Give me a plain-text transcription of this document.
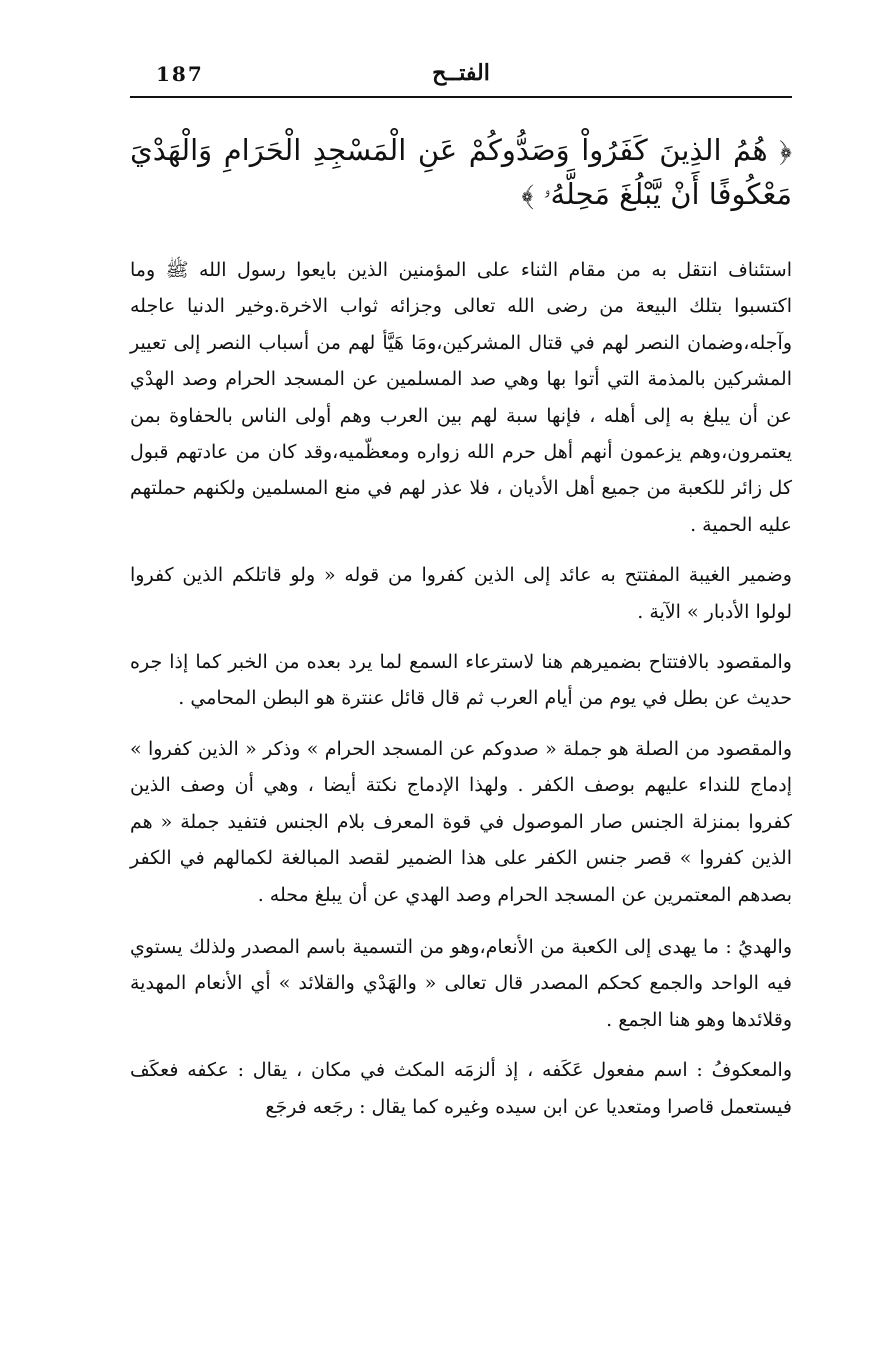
الفتــح
187
﴿ هُمُ الذِينَ كَفَرُواْ وَصَدُّوكُمْ عَنِ الْمَسْجِدِ الْحَرَامِ وَالْهَدْيَ مَعْكُوفًا أَنْ يَّبْلُغَ مَحِلَّهُۥ ﴾

استئناف انتقل به من مقام الثناء على المؤمنين الذين بايعوا رسول الله ﷺ وما اكتسبوا بتلك البيعة من رضى الله تعالى وجزائه ثواب الاخرة.وخير الدنيا عاجله وآجله،وضمان النصر لهم في قتال المشركين،ومَا هَيَّأ لهم من أسباب النصر إلى تعيير المشركين بالمذمة التي أتوا بها وهي صد المسلمين عن المسجد الحرام وصد الهدْي عن أن يبلغ به إلى أهله ، فإنها سبة لهم بين العرب وهم أولى الناس بالحفاوة بمن يعتمرون،وهم يزعمون أنهم أهل حرم الله زواره ومعظّميه،وقد كان من عادتهم قبول كل زائر للكعبة من جميع أهل الأديان ، فلا عذر لهم في منع المسلمين ولكنهم حملتهم عليه الحمية .

وضمير الغيبة المفتتح به عائد إلى الذين كفروا من قوله « ولو قاتلكم الذين كفروا لولوا الأدبار » الآية .

والمقصود بالافتتاح بضميرهم هنا لاسترعاء السمع لما يرد بعده من الخبر كما إذا جره حديث عن بطل في يوم من أيام العرب ثم قال قائل عنترة هو البطن المحامي .

والمقصود من الصلة هو جملة « صدوكم عن المسجد الحرام » وذكر « الذين كفروا » إدماج للنداء عليهم بوصف الكفر . ولهذا الإدماج نكتة أيضا ، وهي أن وصف الذين كفروا بمنزلة الجنس صار الموصول في قوة المعرف بلام الجنس فتفيد جملة « هم الذين كفروا » قصر جنس الكفر على هذا الضمير لقصد المبالغة لكمالهم في الكفر بصدهم المعتمرين عن المسجد الحرام وصد الهدي عن أن يبلغ محله .

والهديُ : ما يهدى إلى الكعبة من الأنعام،وهو من التسمية باسم المصدر ولذلك يستوي فيه الواحد والجمع كحكم المصدر قال تعالى « والهَدْي والقلائد » أي الأنعام المهدية وقلائدها وهو هنا الجمع .

والمعكوفُ : اسم مفعول عَكَفه ، إذ ألزمَه المكث في مكان ، يقال : عكفه فعكَف فيستعمل قاصرا ومتعديا عن ابن سيده وغيره كما يقال : رجَعه فرجَع
